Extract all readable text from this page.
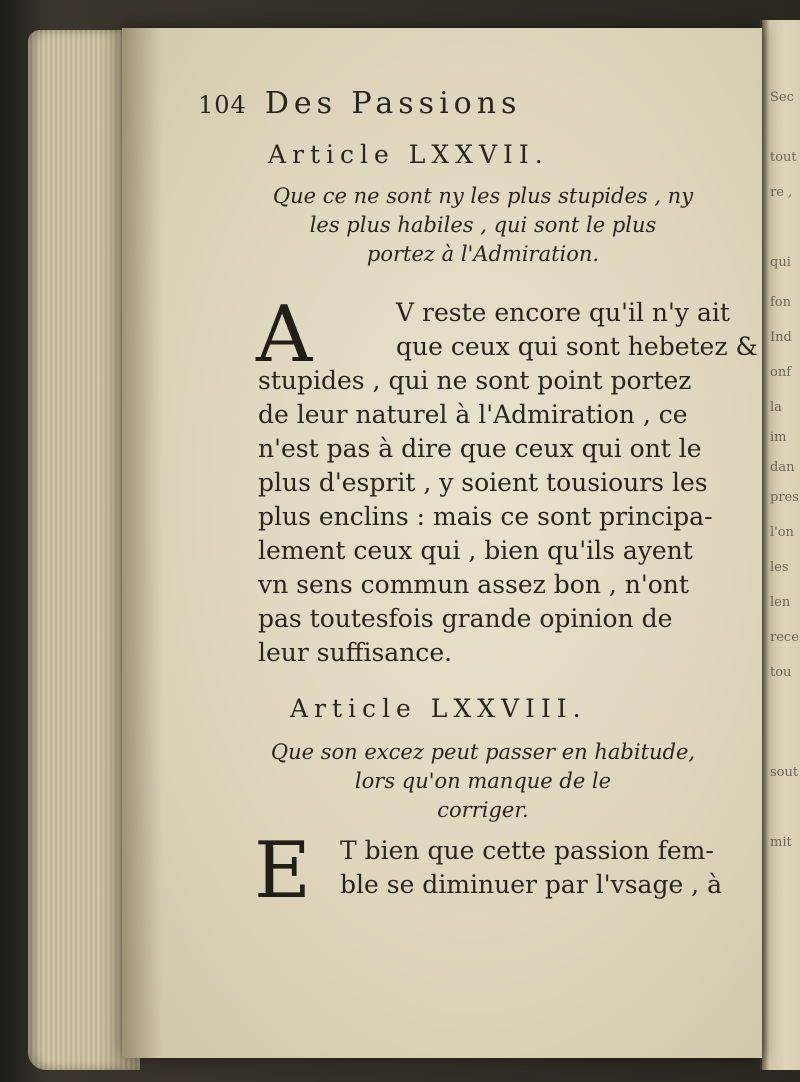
Sec
tout
re ,
qui
fon
Ind
onf
la
im
dan
pres
l'on
les
len
rece
tou
sout
mit
104 Des Passions
Article LXXVII.
Que ce ne sont ny les plus stupides , ny
les plus habiles , qui sont le plus
portez à l'Admiration.
A	V reste encore qu'il n'y ait
que ceux qui sont hebetez &
stupides , qui ne sont point portez
de leur naturel à l'Admiration , ce
n'est pas à dire que ceux qui ont le
plus d'esprit , y soient tousiours les
plus enclins : mais ce sont principa-
lement ceux qui , bien qu'ils ayent
vn sens commun assez bon , n'ont
pas toutesfois grande opinion de
leur suffisance.
Article LXXVIII.
Que son excez peut passer en habitude,
lors qu'on manque de le
corriger.
E T bien que cette passion fem-
ble se diminuer par l'vsage , à
